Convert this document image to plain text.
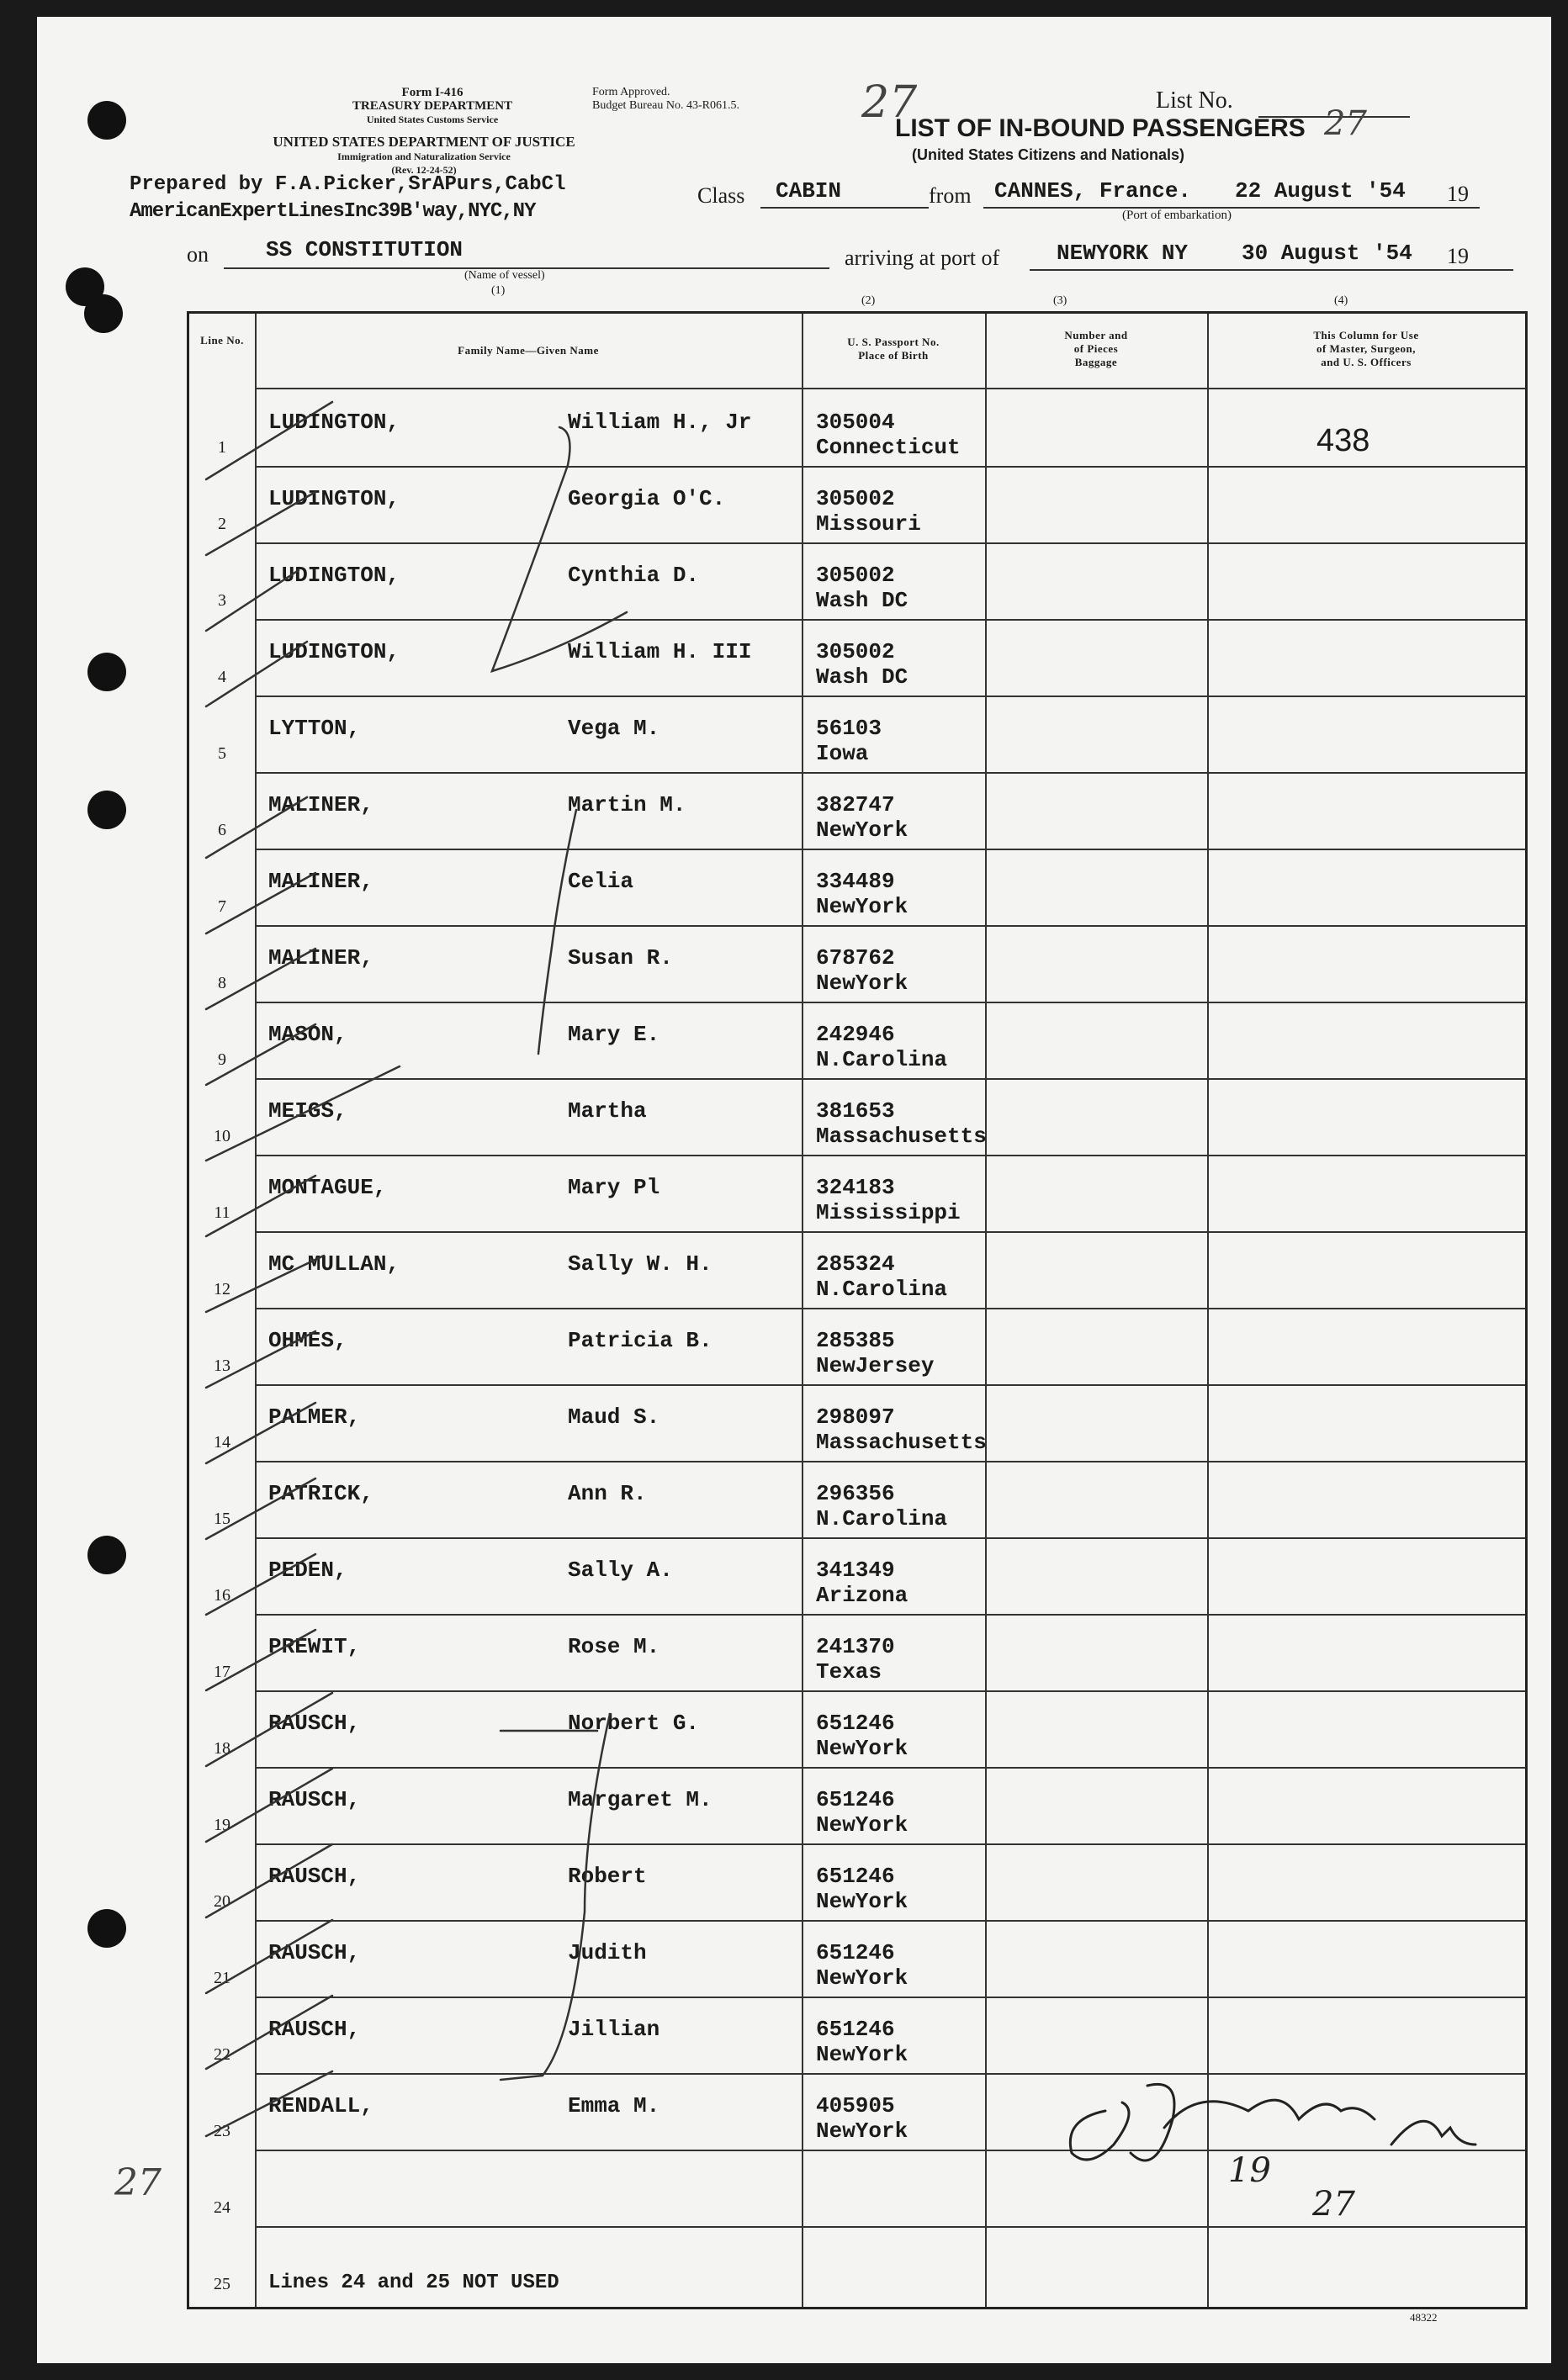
Form I-416
TREASURY DEPARTMENT
United States Customs Service
UNITED STATES DEPARTMENT OF JUSTICE
Immigration and Naturalization Service
(Rev. 12-24-52)
Form Approved.
Budget Bureau No. 43-R061.5.	27	List No.
27
LIST OF IN-BOUND PASSENGERS
(United States Citizens and Nationals)
Prepared by F.A.Picker,SrAPurs,CabCl
AmericanExpertLinesInc39B'way,NYC,NY
Class CABIN	from CANNES, France. 22 August '54 19
(Port of embarkation)
on	SS CONSTITUTION
(Name of vessel)
(1)
arriving at port of	NEWYORK NY 30 August '54 19
(2)	(3)	(4)
Line No.
Family Name—Given Name
U. S. Passport No.
Place of Birth
Number and
of Pieces
Baggage
This Column for Use
of Master, Surgeon,
and U. S. Officers
438
1
LUDINGTON,	William H., Jr	305004
Connecticut
2
LUDINGTON,	Georgia O'C.	305002
Missouri
3
LUDINGTON,	Cynthia D.	305002
Wash DC
4
LUDINGTON,	William H. III	305002
Wash DC
5
LYTTON,	Vega M.	56103
Iowa
6
MALINER,	Martin M.	382747
NewYork
7
MALINER,	Celia	334489
NewYork
8
MALINER,	Susan R.	678762
NewYork
9
MASON,	Mary E.	242946
N.Carolina
10
MEIGS,	Martha	381653
Massachusetts
11
MONTAGUE,	Mary Pl	324183
Mississippi
12
MC MULLAN,	Sally W. H.	285324
N.Carolina
13
OHMES,	Patricia B.	285385
NewJersey
14
PALMER,	Maud S.	298097
Massachusetts
15
PATRICK,	Ann R.	296356
N.Carolina
16
PEDEN,	Sally A.	341349
Arizona
17
PREWIT,	Rose M.	241370
Texas
18
RAUSCH,	Norbert G.	651246
NewYork
19
RAUSCH,	Margaret M.	651246
NewYork
20
RAUSCH,	Robert	651246
NewYork
21
RAUSCH,	Judith	651246
NewYork
22
RAUSCH,	Jillian	651246
NewYork
23
RENDALL,	Emma M.	405905
NewYork
24
25	Lines 24 and 25 NOT USED
19
27
27
48322
